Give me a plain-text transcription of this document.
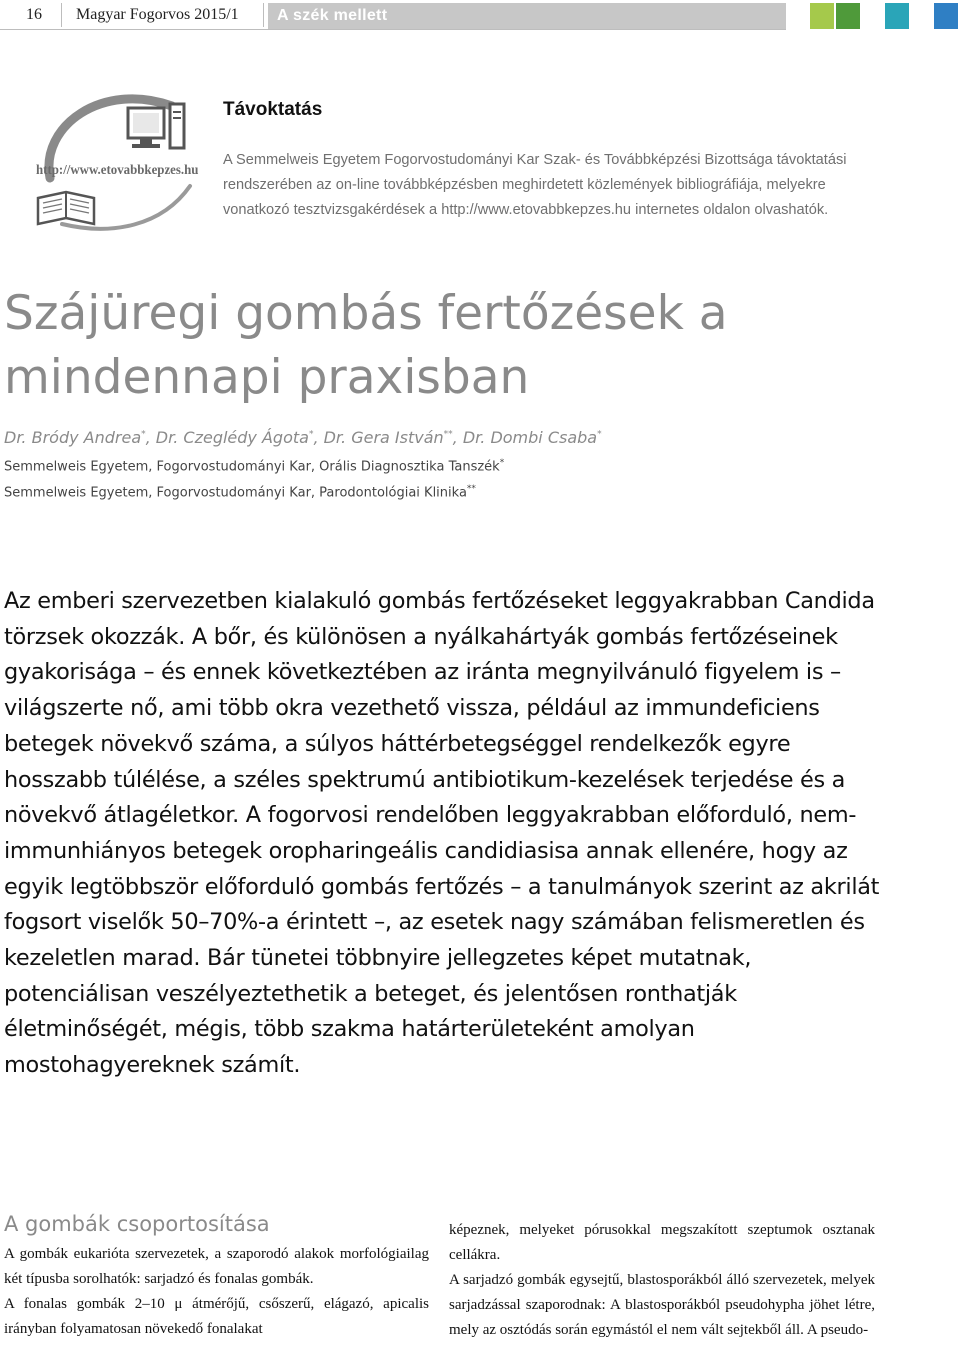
16 Magyar Fogorvos 2015/1 A szék mellett
http://www.etovabbkepzes.hu
Távoktatás

A Semmelweis Egyetem Fogorvostudományi Kar Szak- és Továbbképzési Bizottsága távoktatási rendszerében az on-line továbbképzésben meghirdetett közlemények bibliográfiája, melyekre vonatkozó tesztvizsgakérdések a http://www.etovabbkepzes.hu internetes oldalon olvashatók.

Szájüregi gombás fertőzések a
mindennapi praxisban

Dr. Bródy Andrea*, Dr. Czeglédy Ágota*, Dr. Gera István**, Dr. Dombi Csaba*

Semmelweis Egyetem, Fogorvostudományi Kar, Orális Diagnosztika Tanszék*

Semmelweis Egyetem, Fogorvostudományi Kar, Parodontológiai Klinika**

Az emberi szervezetben kialakuló gombás fertőzéseket leggyakrabban Candida törzsek okozzák. A bőr, és különösen a nyálkahártyák gombás fertőzéseinek gyakorisága – és ennek következtében az iránta megnyilvánuló figyelem is – világszerte nő, ami több okra vezethető vissza, például az immundeficiens betegek növekvő száma, a súlyos háttérbetegséggel rendelkezők egyre hosszabb túlélése, a széles spektrumú antibiotikum-kezelések terjedése és a növekvő átlagéletkor. A fogorvosi rendelőben leggyakrabban előforduló, nem-immunhiányos betegek oropharingeális candidiasisa annak ellenére, hogy az egyik legtöbbször előforduló gombás fertőzés – a tanulmányok szerint az akrilát fogsort viselők 50–70%-a érintett –, az esetek nagy számában felismeretlen és kezeletlen marad. Bár tünetei többnyire jellegzetes képet mutatnak, potenciálisan veszélyeztethetik a beteget, és jelentősen ronthatják életminőségét, mégis, több szakma határterületeként amolyan mostohagyereknek számít.

A gombák csoportosítása

A gombák eukarióta szervezetek, a szaporodó alakok morfológiailag két típusba sorolhatók: sarjadzó és fonalas gombák.

A fonalas gombák 2–10 μ átmérőjű, csőszerű, elágazó, apicalis irányban folyamatosan növekedő fonalakat

képeznek, melyeket pórusokkal megszakított szeptumok osztanak cellákra.

A sarjadzó gombák egysejtű, blastosporákból álló szervezetek, melyek sarjadzással szaporodnak: A blastosporákból pseudohypha jöhet létre, mely az osztódás során egymástól el nem vált sejtekből áll. A pseudo-
